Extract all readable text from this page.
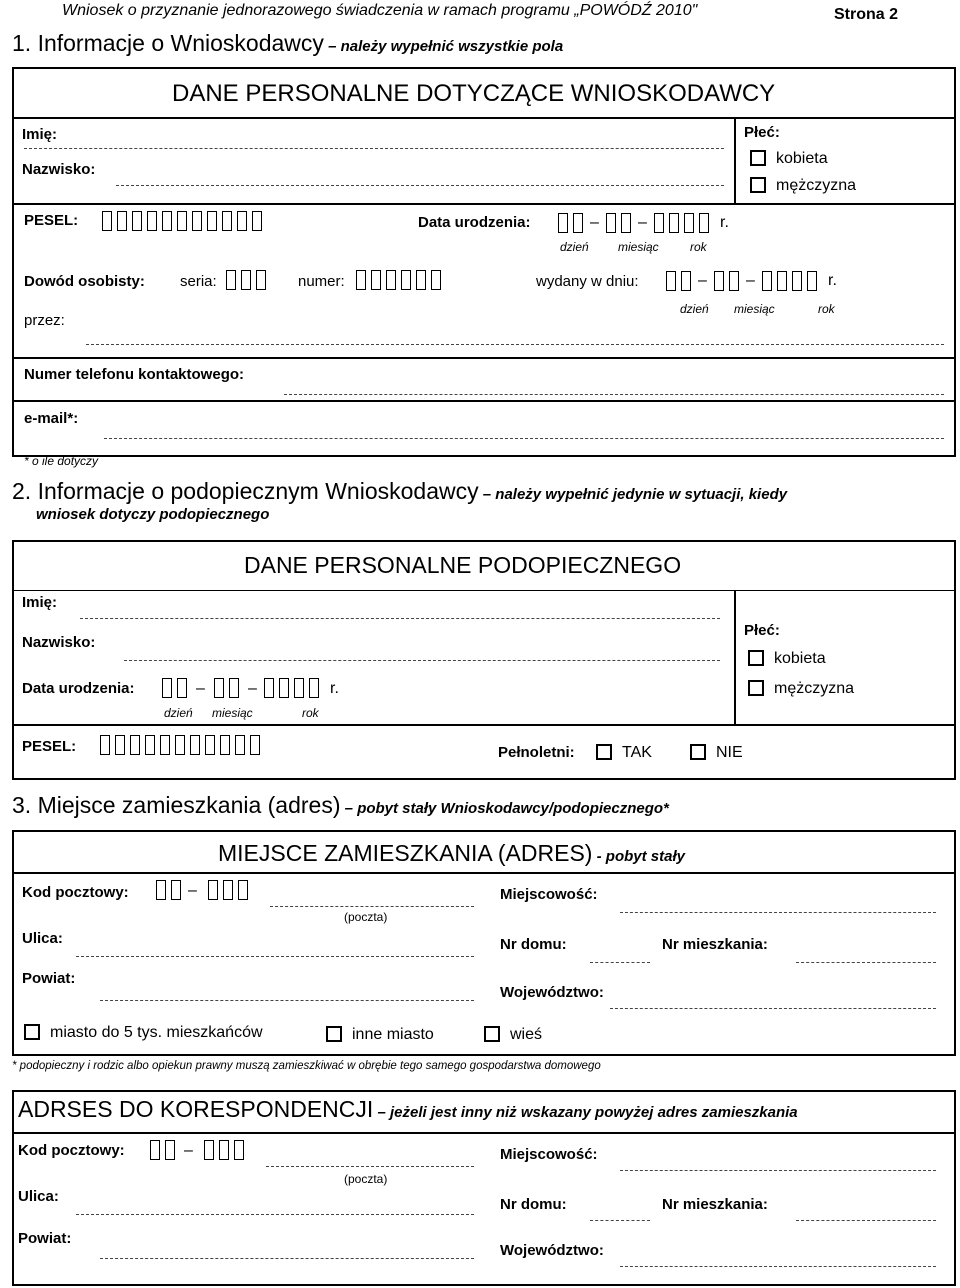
Wniosek o przyznanie jednorazowego świadczenia w ramach programu „POWÓDŹ 2010"	Strona 2
1. Informacje o Wnioskodawcy – należy wypełnić wszystkie pola
DANE PERSONALNE DOTYCZĄCE WNIOSKODAWCY
Imię:
Nazwisko:
Płeć:
kobieta
mężczyzna
PESEL:	Data urodzenia:	– –	r.
dzień miesiąc	rok
Dowód osobisty: seria:	numer:	wydany w dniu:	– –	r.
dzień miesiąc	rok
przez:
Numer telefonu kontaktowego:
e-mail*:
* o ile dotyczy
2. Informacje o podopiecznym Wnioskodawcy – należy wypełnić jedynie w sytuacji, kiedy
wniosek dotyczy podopiecznego
DANE PERSONALNE PODOPIECZNEGO
Imię:
Nazwisko:
Data urodzenia:	–	–	r.
dzień miesiąc	rok
Płeć:
kobieta
mężczyzna
PESEL:	Pełnoletni:	TAK	NIE
3. Miejsce zamieszkania (adres) – pobyt stały Wnioskodawcy/podopiecznego*
MIEJSCE ZAMIESZKANIA (ADRES) - pobyt stały
Kod pocztowy:	–
(poczta)
Miejscowość:
Ulica:	Nr domu:	Nr mieszkania:
Powiat:
Województwo:
miasto do 5 tys. mieszkańców	inne miasto	wieś
* podopieczny i rodzic albo opiekun prawny muszą zamieszkiwać w obrębie tego samego gospodarstwa domowego
ADRSES DO KORESPONDENCJI – jeżeli jest inny niż wskazany powyżej adres zamieszkania
Kod pocztowy:	–
(poczta)
Miejscowość:
Ulica:	Nr domu:	Nr mieszkania:
Powiat:
Województwo:
